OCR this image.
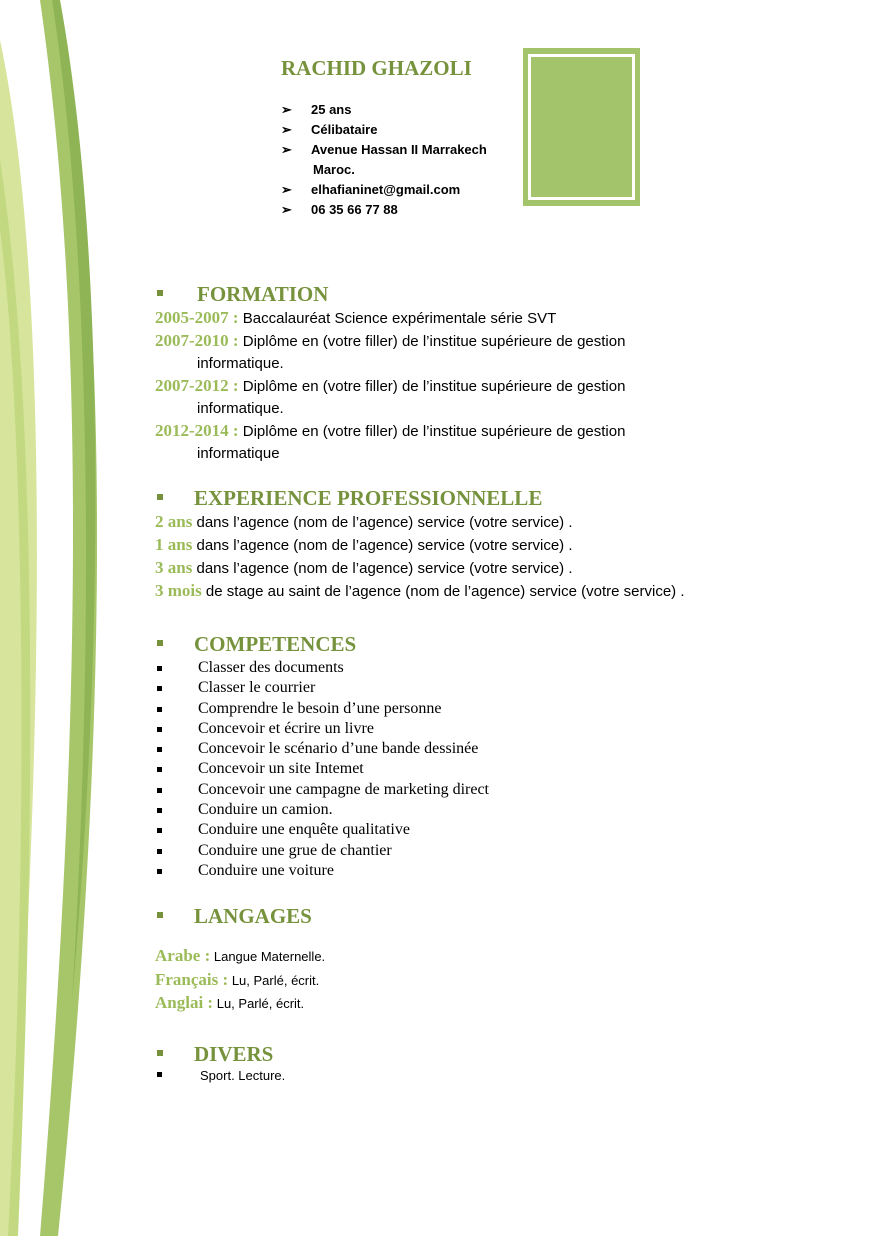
RACHID GHAZOLI
➢ 25 ans
➢ Célibataire
➢ Avenue Hassan II Marrakech
Maroc.
➢ elhafianinet@gmail.com
➢ 06 35 66 77 88
FORMATION
2005-2007 : Baccalauréat Science expérimentale série SVT
2007-2010 : Diplôme en (votre filler) de l’institue supérieure de gestion
informatique.
2007-2012 : Diplôme en (votre filler) de l’institue supérieure de gestion
informatique.
2012-2014 : Diplôme en (votre filler) de l’institue supérieure de gestion
informatique
EXPERIENCE PROFESSIONNELLE
2 ans dans l’agence (nom de l’agence) service (votre service) .
1 ans dans l’agence (nom de l’agence) service (votre service) .
3 ans dans l’agence (nom de l’agence) service (votre service) .
3 mois de stage au saint de l’agence (nom de l’agence) service (votre service) .
COMPETENCES
Classer des documents
Classer le courrier
Comprendre le besoin d’une personne
Concevoir et écrire un livre
Concevoir le scénario d’une bande dessinée
Concevoir un site Intemet
Concevoir une campagne de marketing direct
Conduire un camion.
Conduire une enquête qualitative
Conduire une grue de chantier
Conduire une voiture
LANGAGES
Arabe : Langue Maternelle.
Français : Lu, Parlé, écrit.
Anglai : Lu, Parlé, écrit.
DIVERS
Sport. Lecture.
